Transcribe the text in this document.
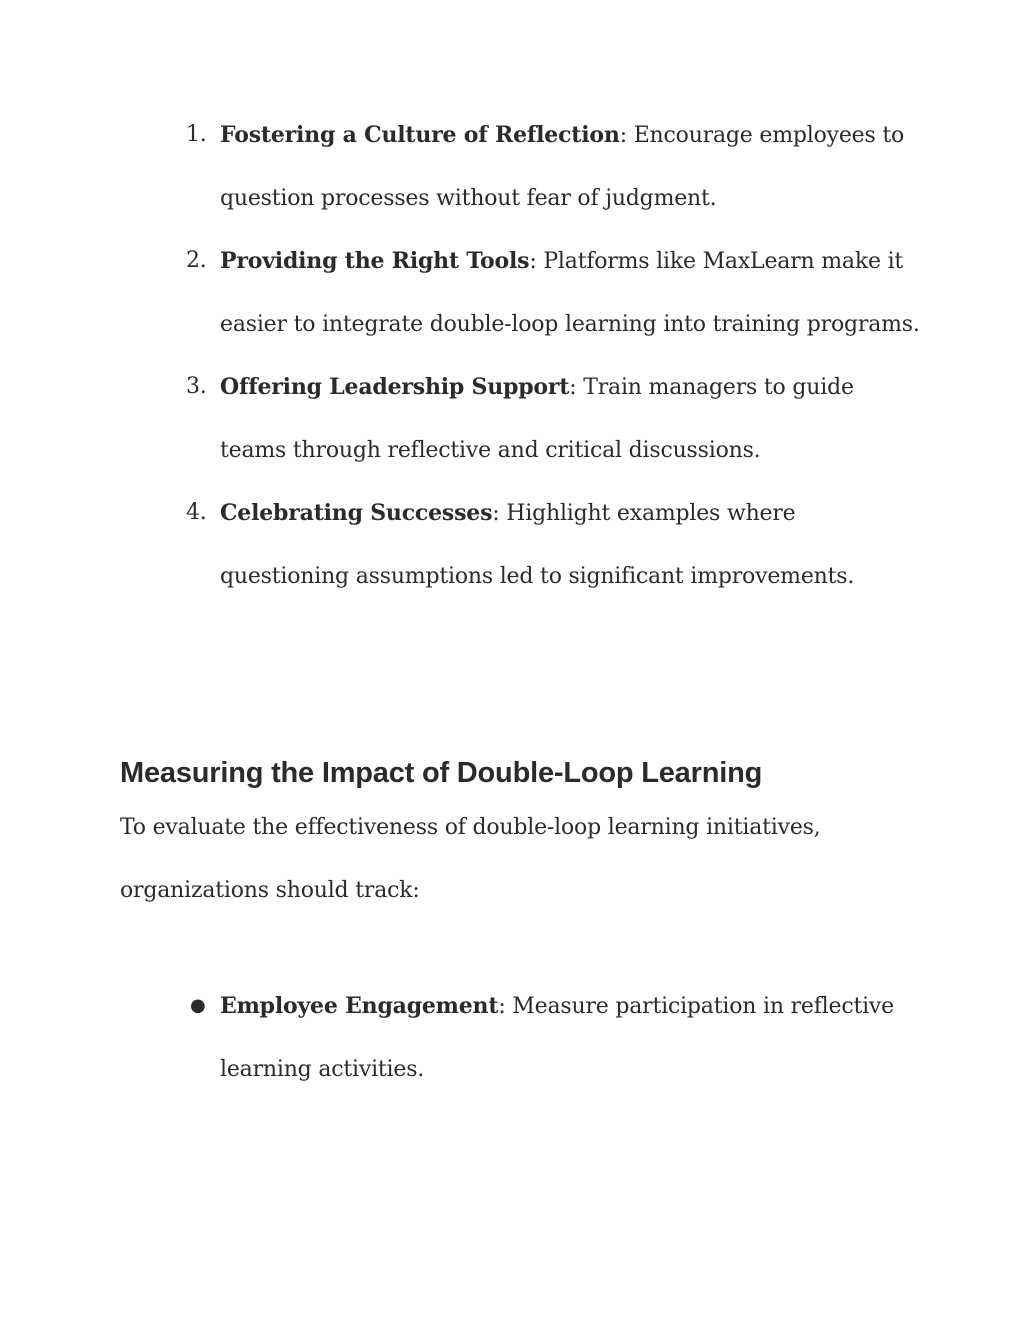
1. Fostering a Culture of Reflection: Encourage employees to question processes without fear of judgment.
2. Providing the Right Tools: Platforms like MaxLearn make it easier to integrate double-loop learning into training programs.
3. Offering Leadership Support: Train managers to guide teams through reflective and critical discussions.
4. Celebrating Successes: Highlight examples where questioning assumptions led to significant improvements.
Measuring the Impact of Double-Loop Learning

To evaluate the effectiveness of double-loop learning initiatives, organizations should track:

● Employee Engagement: Measure participation in reflective learning activities.
